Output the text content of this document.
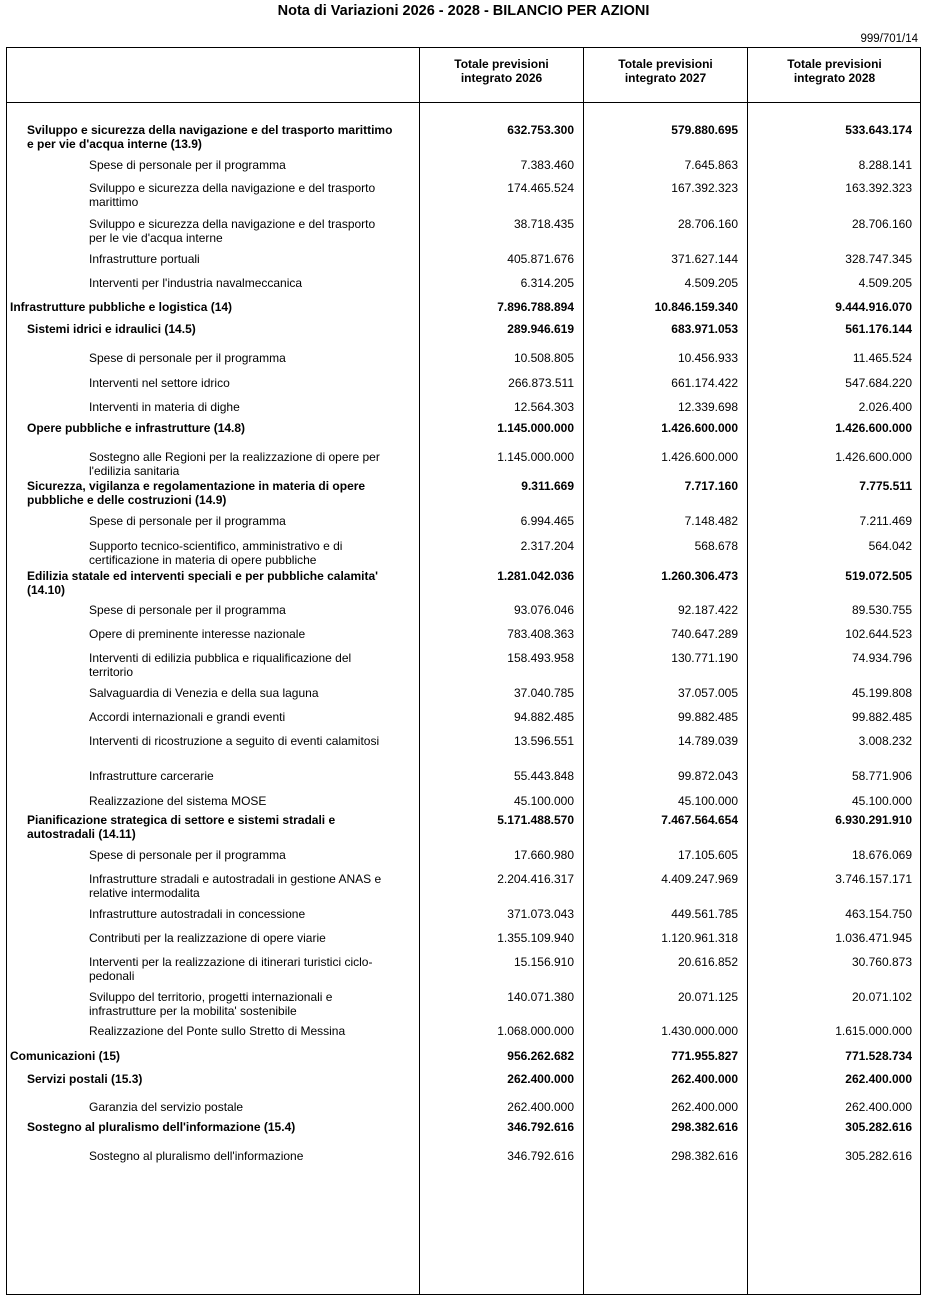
Nota di Variazioni 2026 - 2028 - BILANCIO PER AZIONI
999/701/14
Totale previsioni
integrato 2026
Totale previsioni
integrato 2027
Totale previsioni
integrato 2028
Sviluppo e sicurezza della navigazione e del trasporto marittimo e per vie d'acqua interne (13.9)
632.753.300	579.880.695	533.643.174
Spese di personale per il programma	7.383.460	7.645.863	8.288.141
Sviluppo e sicurezza della navigazione e del trasporto marittimo
174.465.524	167.392.323	163.392.323
Sviluppo e sicurezza della navigazione e del trasporto per le vie d'acqua interne
38.718.435	28.706.160	28.706.160
Infrastrutture portuali	405.871.676	371.627.144	328.747.345
Interventi per l'industria navalmeccanica	6.314.205	4.509.205	4.509.205
Infrastrutture pubbliche e logistica (14)	7.896.788.894	10.846.159.340	9.444.916.070
Sistemi idrici e idraulici (14.5)	289.946.619	683.971.053	561.176.144
Spese di personale per il programma	10.508.805	10.456.933	11.465.524
Interventi nel settore idrico	266.873.511	661.174.422	547.684.220
Interventi in materia di dighe	12.564.303	12.339.698	2.026.400
Opere pubbliche e infrastrutture (14.8)	1.145.000.000	1.426.600.000	1.426.600.000
Sostegno alle Regioni per la realizzazione di opere per l'edilizia sanitaria
1.145.000.000	1.426.600.000	1.426.600.000
Sicurezza, vigilanza e regolamentazione in materia di opere pubbliche e delle costruzioni (14.9)
9.311.669	7.717.160	7.775.511
Spese di personale per il programma	6.994.465	7.148.482	7.211.469
Supporto tecnico-scientifico, amministrativo e di certificazione in materia di opere pubbliche
2.317.204	568.678	564.042
Edilizia statale ed interventi speciali e per pubbliche calamita' (14.10)
1.281.042.036	1.260.306.473	519.072.505
Spese di personale per il programma	93.076.046	92.187.422	89.530.755
Opere di preminente interesse nazionale	783.408.363	740.647.289	102.644.523
Interventi di edilizia pubblica e riqualificazione del territorio
158.493.958	130.771.190	74.934.796
Salvaguardia di Venezia e della sua laguna	37.040.785	37.057.005	45.199.808
Accordi internazionali e grandi eventi	94.882.485	99.882.485	99.882.485
Interventi di ricostruzione a seguito di eventi calamitosi	13.596.551	14.789.039	3.008.232
Infrastrutture carcerarie	55.443.848	99.872.043	58.771.906
Realizzazione del sistema MOSE	45.100.000	45.100.000	45.100.000
Pianificazione strategica di settore e sistemi stradali e autostradali (14.11)
5.171.488.570	7.467.564.654	6.930.291.910
Spese di personale per il programma	17.660.980	17.105.605	18.676.069
Infrastrutture stradali e autostradali in gestione ANAS e relative intermodalita
2.204.416.317	4.409.247.969	3.746.157.171
Infrastrutture autostradali in concessione	371.073.043	449.561.785	463.154.750
Contributi per la realizzazione di opere viarie	1.355.109.940	1.120.961.318	1.036.471.945
Interventi per la realizzazione di itinerari turistici ciclo-pedonali
15.156.910	20.616.852	30.760.873
Sviluppo del territorio, progetti internazionali e infrastrutture per la mobilita' sostenibile
140.071.380	20.071.125	20.071.102
Realizzazione del Ponte sullo Stretto di Messina	1.068.000.000	1.430.000.000	1.615.000.000
Comunicazioni (15)	956.262.682	771.955.827	771.528.734
Servizi postali (15.3)	262.400.000	262.400.000	262.400.000
Garanzia del servizio postale	262.400.000	262.400.000	262.400.000
Sostegno al pluralismo dell'informazione (15.4)	346.792.616	298.382.616	305.282.616
Sostegno al pluralismo dell'informazione	346.792.616	298.382.616	305.282.616
